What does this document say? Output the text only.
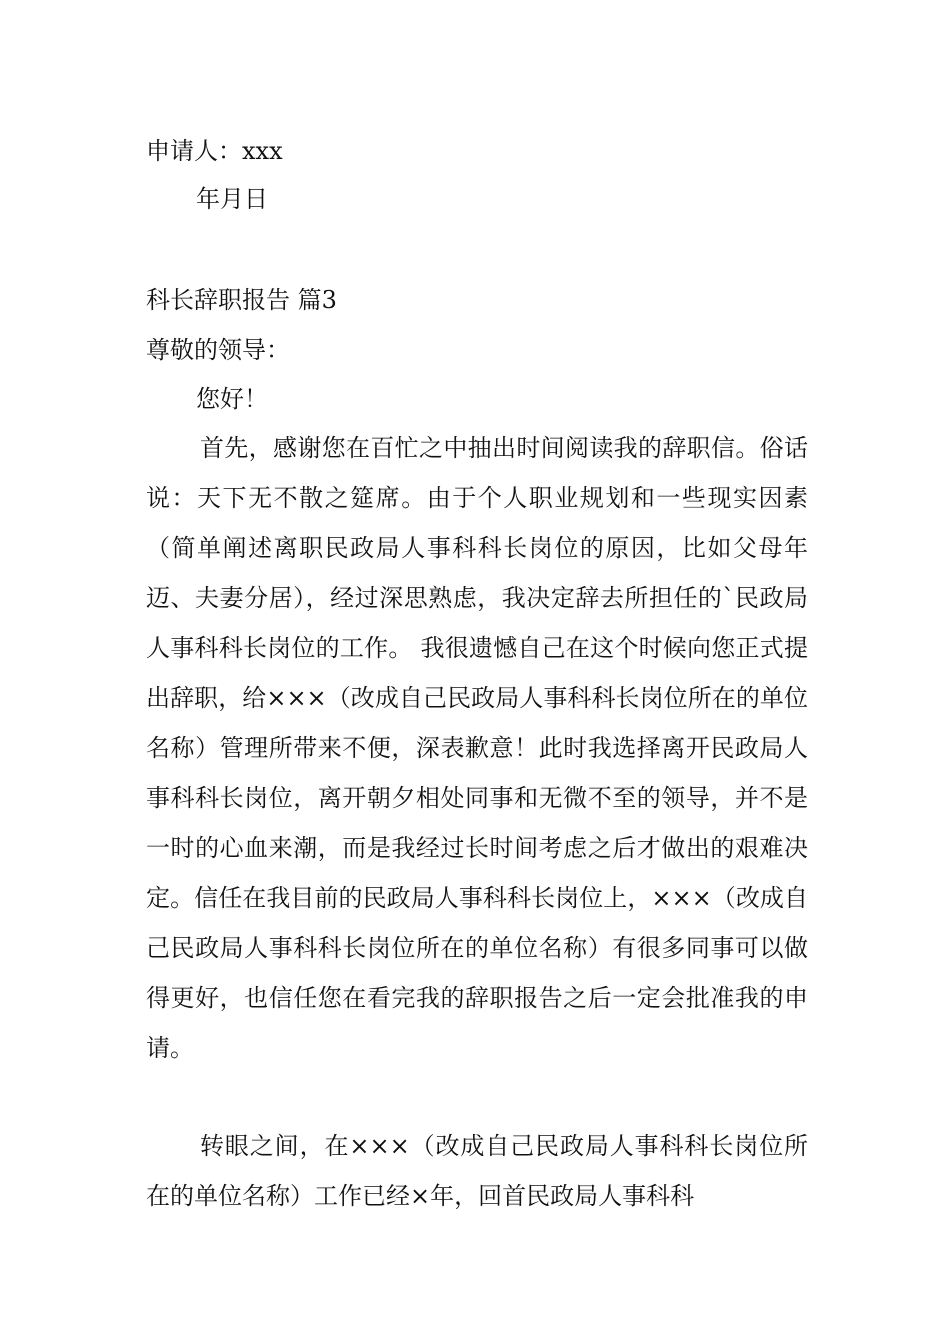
申请人：xxx
年月日
科长辞职报告 篇3
尊敬的领导：
您好！
首先，感谢您在百忙之中抽出时间阅读我的辞职信。俗话说：天下无不散之筵席。由于个人职业规划和一些现实因素（简单阐述离职民政局人事科科长岗位的原因，比如父母年迈、夫妻分居），经过深思熟虑，我决定辞去所担任的`民政局人事科科长岗位的工作。 我很遗憾自己在这个时候向您正式提出辞职，给×××（改成自己民政局人事科科长岗位所在的单位名称）管理所带来不便，深表歉意！此时我选择离开民政局人事科科长岗位，离开朝夕相处同事和无微不至的领导，并不是一时的心血来潮，而是我经过长时间考虑之后才做出的艰难决定。信任在我目前的民政局人事科科长岗位上，×××（改成自己民政局人事科科长岗位所在的单位名称）有很多同事可以做得更好，也信任您在看完我的辞职报告之后一定会批准我的申请。
转眼之间，在×××（改成自己民政局人事科科长岗位所在的单位名称）工作已经×年，回首民政局人事科科
